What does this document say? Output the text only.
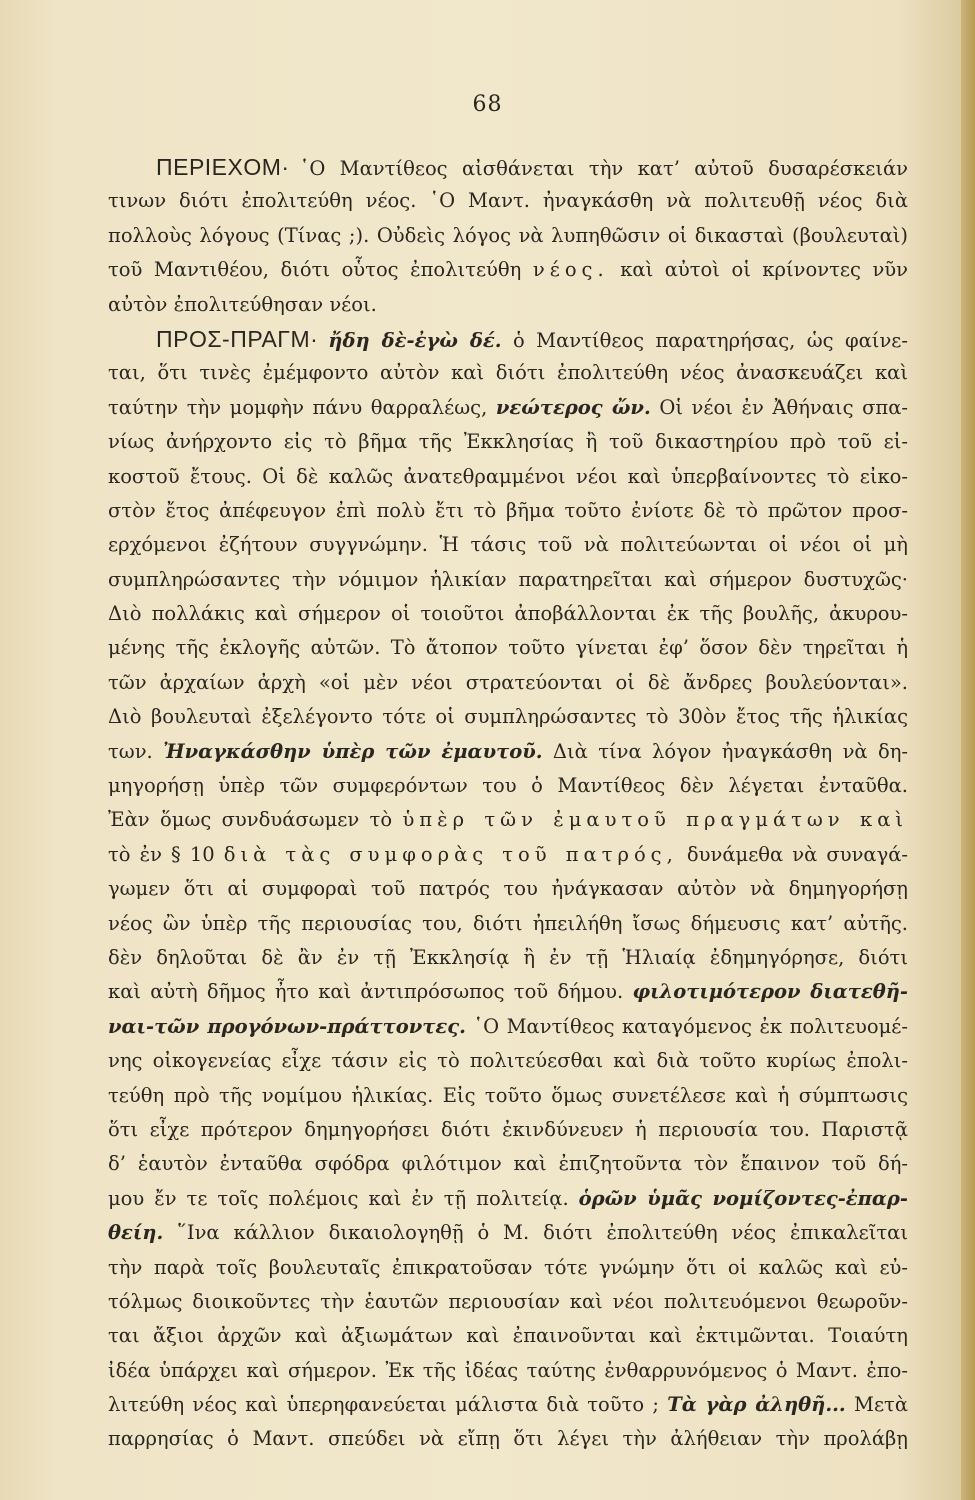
68
ΠΕΡΙΕΧΟΜ· ῾Ο Μαντίθεος αἰσθάνεται τὴν κατ’ αὐτοῦ δυσαρέσκειάν
τινων διότι ἐπολιτεύθη νέος. ῾Ο Μαντ. ἠναγκάσθη νὰ πολιτευθῇ νέος διὰ
πολλοὺς λόγους (Τίνας ;). Οὐδεὶς λόγος νὰ λυπηθῶσιν οἱ δικασταὶ (βουλευταὶ)
τοῦ Μαντιθέου, διότι οὗτος ἐπολιτεύθη νέος. καὶ αὐτοὶ οἱ κρίνοντες νῦν
αὐτὸν ἐπολιτεύθησαν νέοι.
ΠΡΟΣ-ΠΡΑΓΜ· ἤδη δὲ-ἐγὼ δέ. ὁ Μαντίθεος παρατηρήσας, ὡς φαίνε-
ται, ὅτι τινὲς ἐμέμφοντο αὐτὸν καὶ διότι ἐπολιτεύθη νέος ἀνασκευάζει καὶ
ταύτην τὴν μομφὴν πάνυ θαρραλέως, νεώτερος ὤν. Οἱ νέοι ἐν Ἀθήναις σπα-
νίως ἀνήρχοντο εἰς τὸ βῆμα τῆς Ἐκκλησίας ἢ τοῦ δικαστηρίου πρὸ τοῦ εἰ-
κοστοῦ ἔτους. Οἱ δὲ καλῶς ἀνατεθραμμένοι νέοι καὶ ὑπερβαίνοντες τὸ εἰκο-
στὸν ἔτος ἀπέφευγον ἐπὶ πολὺ ἔτι τὸ βῆμα τοῦτο ἐνίοτε δὲ τὸ πρῶτον προσ-
ερχόμενοι ἐζήτουν συγγνώμην. Ἡ τάσις τοῦ νὰ πολιτεύωνται οἱ νέοι οἱ μὴ
συμπληρώσαντες τὴν νόμιμον ἡλικίαν παρατηρεῖται καὶ σήμερον δυστυχῶς·
Διὸ πολλάκις καὶ σήμερον οἱ τοιοῦτοι ἀποβάλλονται ἐκ τῆς βουλῆς, ἀκυρου-
μένης τῆς ἐκλογῆς αὐτῶν. Τὸ ἄτοπον τοῦτο γίνεται ἐφ’ ὅσον δὲν τηρεῖται ἡ
τῶν ἀρχαίων ἀρχὴ «οἱ μὲν νέοι στρατεύονται οἱ δὲ ἄνδρες βουλεύονται».
Διὸ βουλευταὶ ἐξελέγοντο τότε οἱ συμπληρώσαντες τὸ 30ὸν ἔτος τῆς ἡλικίας
των. Ἠναγκάσθην ὑπὲρ τῶν ἐμαυτοῦ. Διὰ τίνα λόγον ἠναγκάσθη νὰ δη-
μηγορήσῃ ὑπὲρ τῶν συμφερόντων του ὁ Μαντίθεος δὲν λέγεται ἐνταῦθα.
Ἐὰν ὅμως συνδυάσωμεν τὸ ὑπὲρ τῶν ἐμαυτοῦ πραγμάτων καὶ
τὸ ἐν § 10 διὰ τὰς συμφορὰς τοῦ πατρός, δυνάμεθα νὰ συναγά-
γωμεν ὅτι αἱ συμφοραὶ τοῦ πατρός του ἠνάγκασαν αὐτὸν νὰ δημηγορήσῃ
νέος ὢν ὑπὲρ τῆς περιουσίας του, διότι ἠπειλήθη ἴσως δήμευσις κατ’ αὐτῆς.
δὲν δηλοῦται δὲ ἂν ἐν τῇ Ἐκκλησίᾳ ἢ ἐν τῇ Ἡλιαίᾳ ἐδημηγόρησε, διότι
καὶ αὐτὴ δῆμος ἦτο καὶ ἀντιπρόσωπος τοῦ δήμου. φιλοτιμότερον διατεθῆ-
ναι-τῶν προγόνων-πράττοντες. ῾Ο Μαντίθεος καταγόμενος ἐκ πολιτευομέ-
νης οἰκογενείας εἶχε τάσιν εἰς τὸ πολιτεύεσθαι καὶ διὰ τοῦτο κυρίως ἐπολι-
τεύθη πρὸ τῆς νομίμου ἡλικίας. Εἰς τοῦτο ὅμως συνετέλεσε καὶ ἡ σύμπτωσις
ὅτι εἶχε πρότερον δημηγορήσει διότι ἐκινδύνευεν ἡ περιουσία του. Παριστᾷ
δ’ ἑαυτὸν ἐνταῦθα σφόδρα φιλότιμον καὶ ἐπιζητοῦντα τὸν ἔπαινον τοῦ δή-
μου ἔν τε τοῖς πολέμοις καὶ ἐν τῇ πολιτείᾳ. ὁρῶν ὑμᾶς νομίζοντες-ἐπαρ-
θείη. ῞Ινα κάλλιον δικαιολογηθῇ ὁ Μ. διότι ἐπολιτεύθη νέος ἐπικαλεῖται
τὴν παρὰ τοῖς βουλευταῖς ἐπικρατοῦσαν τότε γνώμην ὅτι οἱ καλῶς καὶ εὐ-
τόλμως διοικοῦντες τὴν ἑαυτῶν περιουσίαν καὶ νέοι πολιτευόμενοι θεωροῦν-
ται ἄξιοι ἀρχῶν καὶ ἀξιωμάτων καὶ ἐπαινοῦνται καὶ ἐκτιμῶνται. Τοιαύτη
ἰδέα ὑπάρχει καὶ σήμερον. Ἐκ τῆς ἰδέας ταύτης ἐνθαρρυνόμενος ὁ Μαντ. ἐπο-
λιτεύθη νέος καὶ ὑπερηφανεύεται μάλιστα διὰ τοῦτο ; Τὰ γὰρ ἀληθῆ... Μετὰ
παρρησίας ὁ Μαντ. σπεύδει νὰ εἴπῃ ὅτι λέγει τὴν ἀλήθειαν τὴν προλάβῃ
